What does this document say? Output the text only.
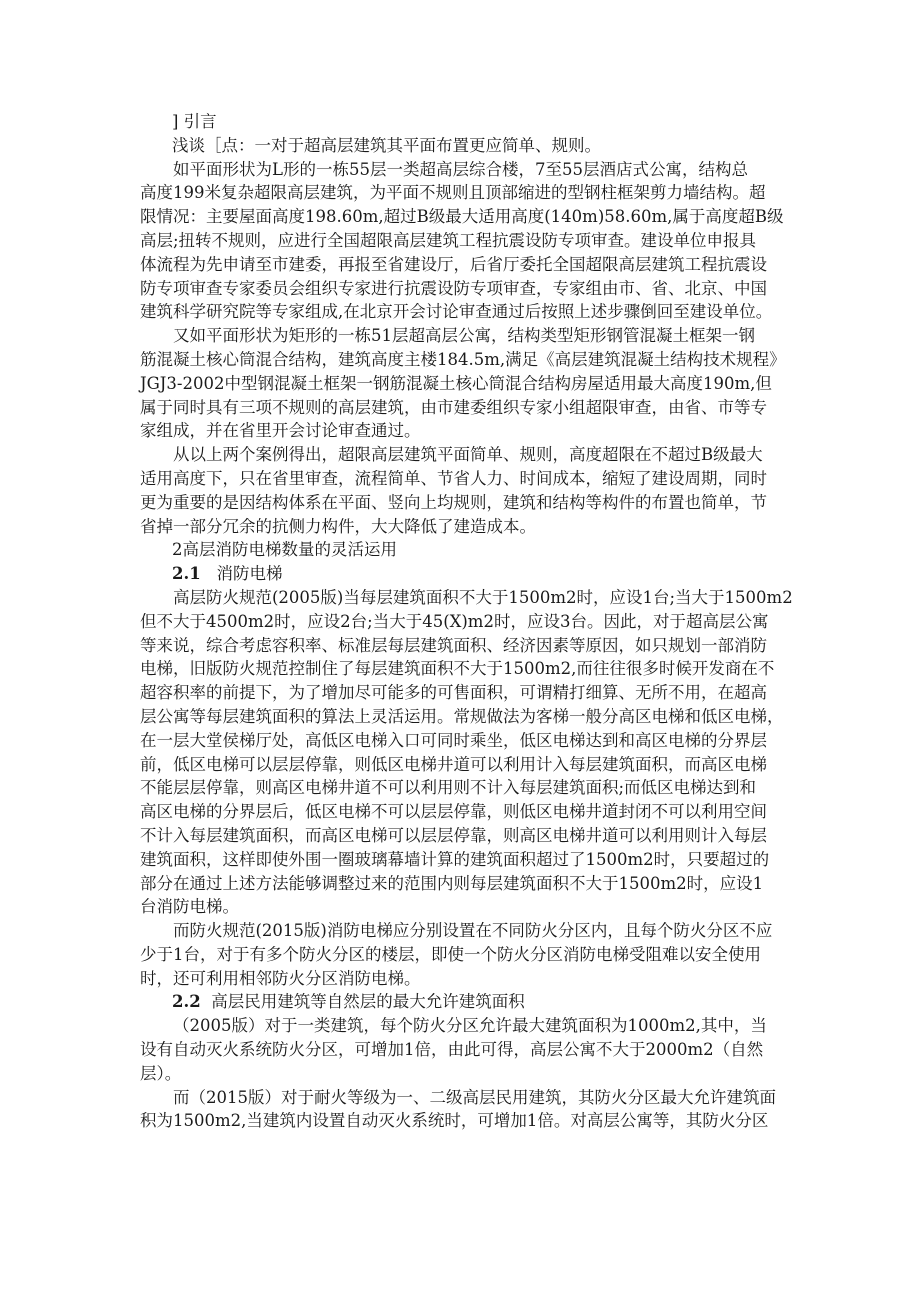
] 引言
浅谈［点：一对于超高层建筑其平面布置更应简单、规则。
如平面形状为L形的一栋55层一类超高层综合楼，7至55层酒店式公寓，结构总
高度199米复杂超限高层建筑，为平面不规则且顶部缩进的型钢柱框架剪力墙结构。超
限情况：主要屋面高度198.60m,超过B级最大适用高度(140m)58.60m,属于高度超B级
高层;扭转不规则，应进行全国超限高层建筑工程抗震设防专项审查。建设单位申报具
体流程为先申请至市建委，再报至省建设厅，后省厅委托全国超限高层建筑工程抗震设
防专项审查专家委员会组织专家进行抗震设防专项审查，专家组由市、省、北京、中国
建筑科学研究院等专家组成,在北京开会讨论审查通过后按照上述步骤倒回至建设单位。
又如平面形状为矩形的一栋51层超高层公寓，结构类型矩形钢管混凝土框架一钢
筋混凝土核心筒混合结构，建筑高度主楼184.5m,满足《高层建筑混凝土结构技术规程》
JGJ3-2002中型钢混凝土框架一钢筋混凝土核心筒混合结构房屋适用最大高度190m,但
属于同时具有三项不规则的高层建筑，由市建委组织专家小组超限审查，由省、市等专
家组成，并在省里开会讨论审查通过。
从以上两个案例得出，超限高层建筑平面简单、规则，高度超限在不超过B级最大
适用高度下，只在省里审查，流程简单、节省人力、时间成本，缩短了建设周期，同时
更为重要的是因结构体系在平面、竖向上均规则，建筑和结构等构件的布置也简单，节
省掉一部分冗余的抗侧力构件，大大降低了建造成本。
2高层消防电梯数量的灵活运用
2.1 消防电梯
高层防火规范(2005版)当每层建筑面积不大于1500m2时，应设1台;当大于1500m2
但不大于4500m2时，应设2台;当大于45(X)m2时，应设3台。因此，对于超高层公寓
等来说，综合考虑容积率、标准层每层建筑面积、经济因素等原因，如只规划一部消防
电梯，旧版防火规范控制住了每层建筑面积不大于1500m2,而往往很多时候开发商在不
超容积率的前提下，为了增加尽可能多的可售面积，可谓精打细算、无所不用，在超高
层公寓等每层建筑面积的算法上灵活运用。常规做法为客梯一般分高区电梯和低区电梯，
在一层大堂侯梯厅处，高低区电梯入口可同时乘坐，低区电梯达到和高区电梯的分界层
前，低区电梯可以层层停靠，则低区电梯井道可以利用计入每层建筑面积，而高区电梯
不能层层停靠，则高区电梯井道不可以利用则不计入每层建筑面积;而低区电梯达到和
高区电梯的分界层后，低区电梯不可以层层停靠，则低区电梯井道封闭不可以利用空间
不计入每层建筑面积，而高区电梯可以层层停靠，则高区电梯井道可以利用则计入每层
建筑面积，这样即使外围一圈玻璃幕墙计算的建筑面积超过了1500m2时，只要超过的
部分在通过上述方法能够调整过来的范围内则每层建筑面积不大于1500m2时，应设1
台消防电梯。
而防火规范(2015版)消防电梯应分别设置在不同防火分区内，且每个防火分区不应
少于1台，对于有多个防火分区的楼层，即使一个防火分区消防电梯受阻难以安全使用
时，还可利用相邻防火分区消防电梯。
2.2 高层民用建筑等自然层的最大允许建筑面积
（2005版）对于一类建筑，每个防火分区允许最大建筑面积为1000m2,其中，当
设有自动灭火系统防火分区，可增加1倍，由此可得，高层公寓不大于2000m2（自然
层）。
而（2015版）对于耐火等级为一、二级高层民用建筑，其防火分区最大允许建筑面
积为1500m2,当建筑内设置自动灭火系统时，可增加1倍。对高层公寓等，其防火分区
